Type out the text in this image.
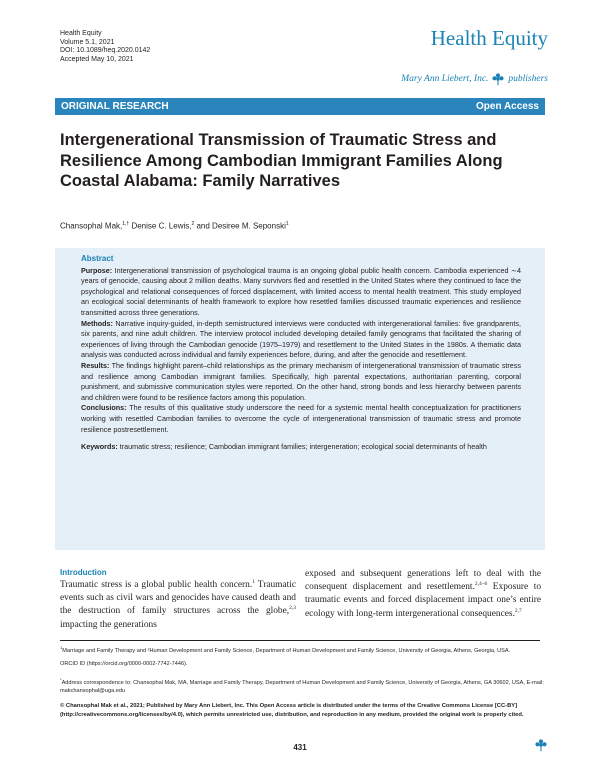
Health Equity
Volume 5.1, 2021
DOI: 10.1089/heq.2020.0142
Accepted May 10, 2021
Health Equity
Mary Ann Liebert, Inc. publishers
ORIGINAL RESEARCH	Open Access
Intergenerational Transmission of Traumatic Stress and Resilience Among Cambodian Immigrant Families Along Coastal Alabama: Family Narratives
Chansophal Mak,$^{1,\dagger}$ Denise C. Lewis,$^2$ and Desiree M. Seponski$^1$
Abstract

Purpose: Intergenerational transmission of psychological trauma is an ongoing global public health concern. Cambodia experienced ∼4 years of genocide, causing about 2 million deaths. Many survivors fled and resettled in the United States where they continued to face the psychological and relational consequences of forced displacement, with limited access to mental health treatment. This study employed an ecological social determinants of health framework to explore how resettled families discussed traumatic experiences and resilience transmitted across three generations.

Methods: Narrative inquiry-guided, in-depth semistructured interviews were conducted with intergenerational families: five grandparents, six parents, and nine adult children. The interview protocol included developing detailed family genograms that facilitated the sharing of experiences of living through the Cambodian genocide (1975–1979) and resettlement to the United States in the 1980s. A thematic data analysis was conducted across individual and family experiences before, during, and after the genocide and resettlement.

Results: The findings highlight parent–child relationships as the primary mechanism of intergenerational transmission of traumatic stress and resilience among Cambodian immigrant families. Specifically, high parental expectations, authoritarian parenting, corporal punishment, and submissive communication styles were reported. On the other hand, strong bonds and less hierarchy between parents and children were found to be resilience factors among this population.

Conclusions: The results of this qualitative study underscore the need for a systemic mental health conceptualization for practitioners working with resettled Cambodian families to overcome the cycle of intergenerational transmission of traumatic stress and promote resilience postresettlement.

Keywords: traumatic stress; resilience; Cambodian immigrant families; intergeneration; ecological social determinants of health

Introduction
Traumatic stress is a global public health concern.$^1$ Traumatic events such as civil wars and genocides have caused death and the destruction of family structures across the globe,$^{2,3}$ impacting the generations
exposed and subsequent generations left to deal with the consequent displacement and resettlement.$^{2,4-6}$ Exposure to traumatic events and forced displacement impact one’s entire ecology with long-term intergenerational consequences.$^{2,7}$
$^1$Marriage and Family Therapy and ²Human Development and Family Science, Department of Human Development and Family Science, University of Georgia, Athens, Georgia, USA.
ORCID ID (https://orcid.org/0000-0002-7742-7446).
*Address correspondence to: Chansophal Mak, MA, Marriage and Family Therapy, Department of Human Development and Family Science, University of Georgia, Athens, GA 30602, USA, E-mail: makchansophal@uga.edu
© Chansophal Mak et al., 2021; Published by Mary Ann Liebert, Inc. This Open Access article is distributed under the terms of the Creative Commons License [CC-BY] (http://creativecommons.org/licenses/by/4.0), which permits unrestricted use, distribution, and reproduction in any medium, provided the original work is properly cited.
431
